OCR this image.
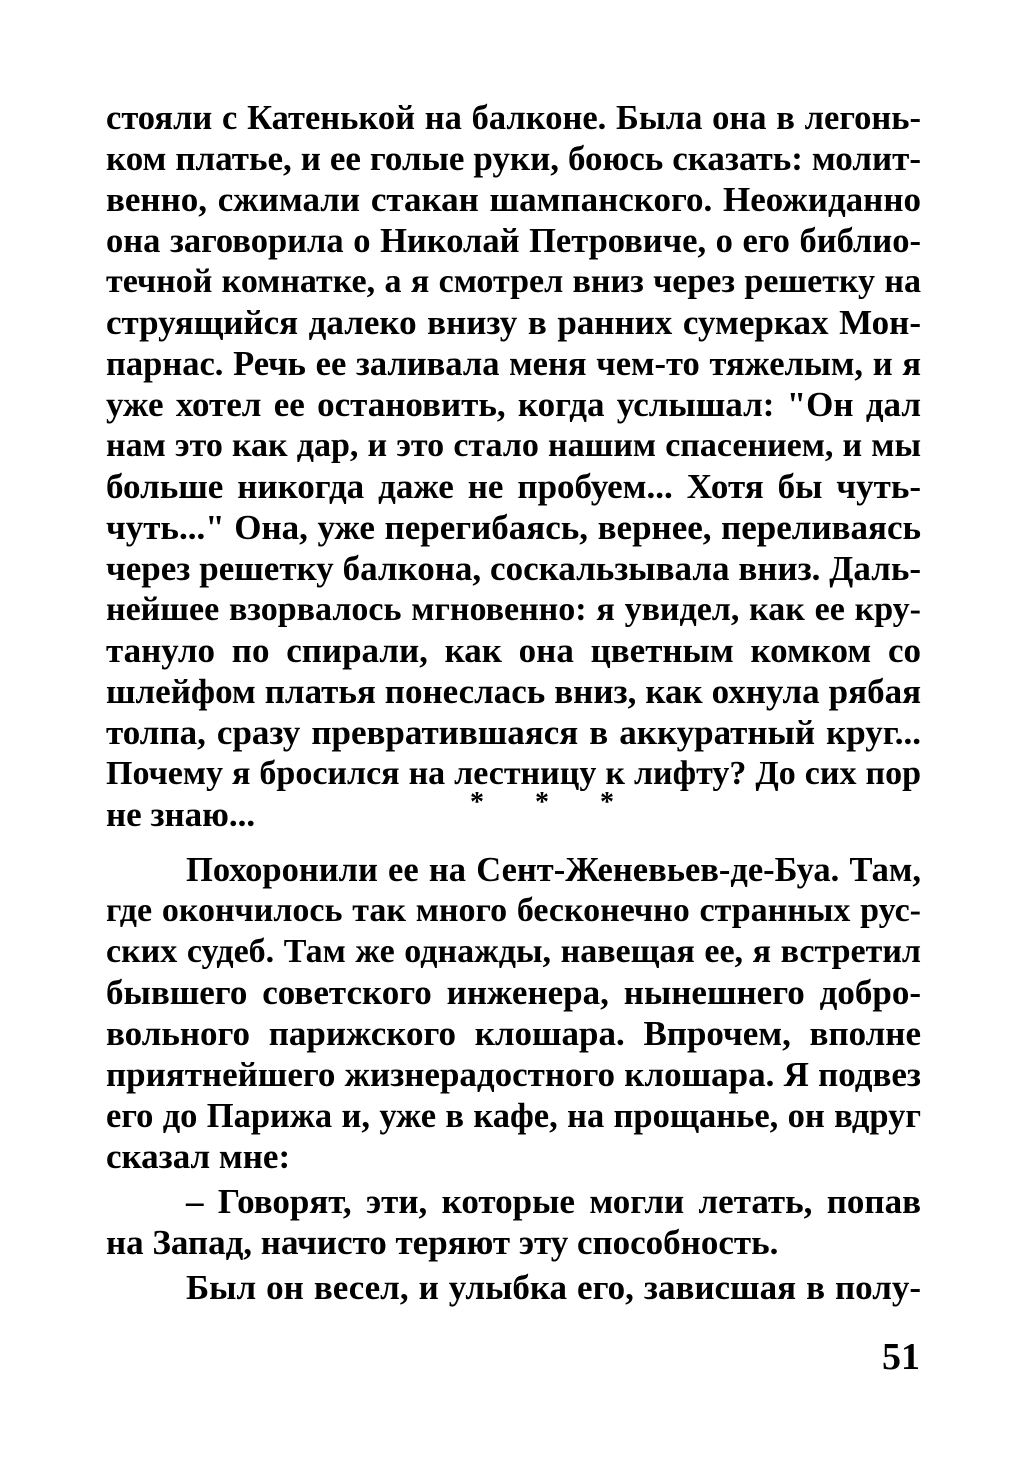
стояли с Катенькой на балконе. Была она в легонь-
ком платье, и ее голые руки, боюсь сказать: молит-
венно, сжимали стакан шампанского. Неожиданно
она заговорила о Николай Петровиче, о его библио-
течной комнатке, а я смотрел вниз через решетку на
струящийся далеко внизу в ранних сумерках Мон-
парнас. Речь ее заливала меня чем-то тяжелым, и я
уже хотел ее остановить, когда услышал: "Он дал
нам это как дар, и это стало нашим спасением, и мы
больше никогда даже не пробуем... Хотя бы чуть-
чуть..." Она, уже перегибаясь, вернее, переливаясь
через решетку балкона, соскальзывала вниз. Даль-
нейшее взорвалось мгновенно: я увидел, как ее кру-
тануло по спирали, как она цветным комком со
шлейфом платья понеслась вниз, как охнула рябая
толпа, сразу превратившаяся в аккуратный круг...
Почему я бросился на лестницу к лифту? До сих пор
не знаю...	* * *
Похоронили ее на Сент-Женевьев-де-Буа. Там,
где окончилось так много бесконечно странных рус-
ских судеб. Там же однажды, навещая ее, я встретил
бывшего советского инженера, нынешнего добро-
вольного парижского клошара. Впрочем, вполне
приятнейшего жизнерадостного клошара. Я подвез
его до Парижа и, уже в кафе, на прощанье, он вдруг
сказал мне:
– Говорят, эти, которые могли летать, попав
на Запад, начисто теряют эту способность.
Был он весел, и улыбка его, зависшая в полу-
51
